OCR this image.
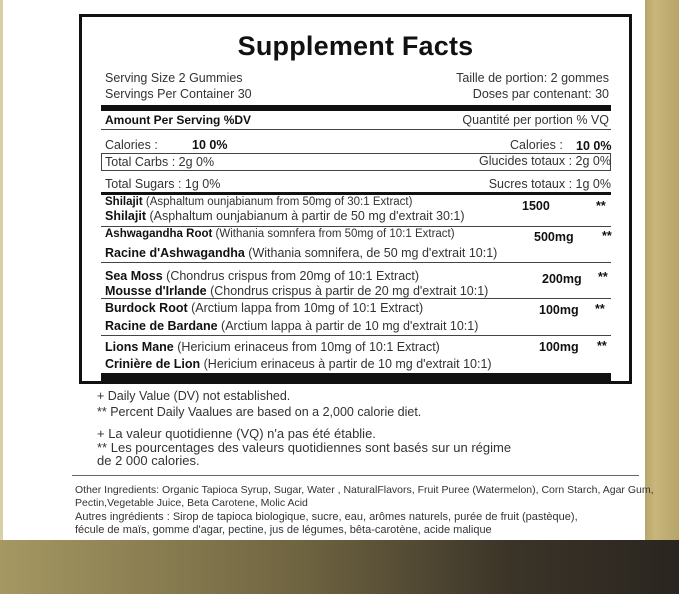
Supplement Facts
Serving Size 2 Gummies	Taille de portion: 2 gommes
Servings Per Container 30	Doses par contenant: 30
Amount Per Serving %DV	Quantité per portion % VQ
Calories :	10 0%	Calories : 10 0%
Total Carbs : 2g 0%	Glucides totaux : 2g 0%
Total Sugars : 1g 0%	Sucres totaux : 1g 0%
Shilajit (Asphaltum ounjabianum from 50mg of 30:1 Extract)	1500	**
Shilajit (Asphaltum ounjabianum à partir de 50 mg d'extrait 30:1)
Ashwagandha Root (Withania somnfera from 50mg of 10:1 Extract)	500mg **
Racine d'Ashwagandha (Withania somnifera, de 50 mg d'extrait 10:1)
Sea Moss (Chondrus crispus from 20mg of 10:1 Extract)	200mg **
Mousse d'Irlande (Chondrus crispus à partir de 20 mg d'extrait 10:1)
Burdock Root (Arctium lappa from 10mg of 10:1 Extract)	100mg **
Racine de Bardane (Arctium lappa à partir de 10 mg d'extrait 10:1)
Lions Mane (Hericium erinaceus from 10mg of 10:1 Extract)	100mg **
Crinière de Lion (Hericium erinaceus à partir de 10 mg d'extrait 10:1)
+ Daily Value (DV) not established.
** Percent Daily Vaalues are based on a 2,000 calorie diet.
+ La valeur quotidienne (VQ) n'a pas été établie.
** Les pourcentages des valeurs quotidiennes sont basés sur un régime
de 2 000 calories.
Other Ingredients: Organic Tapioca Syrup, Sugar, Water , NaturalFlavors, Fruit Puree (Watermelon), Corn Starch, Agar Gum,
Pectin,Vegetable Juice, Beta Carotene, Molic Acid
Autres ingrédients : Sirop de tapioca biologique, sucre, eau, arômes naturels, purée de fruit (pastèque),
fécule de maïs, gomme d'agar, pectine, jus de légumes, bêta-carotène, acide malique
